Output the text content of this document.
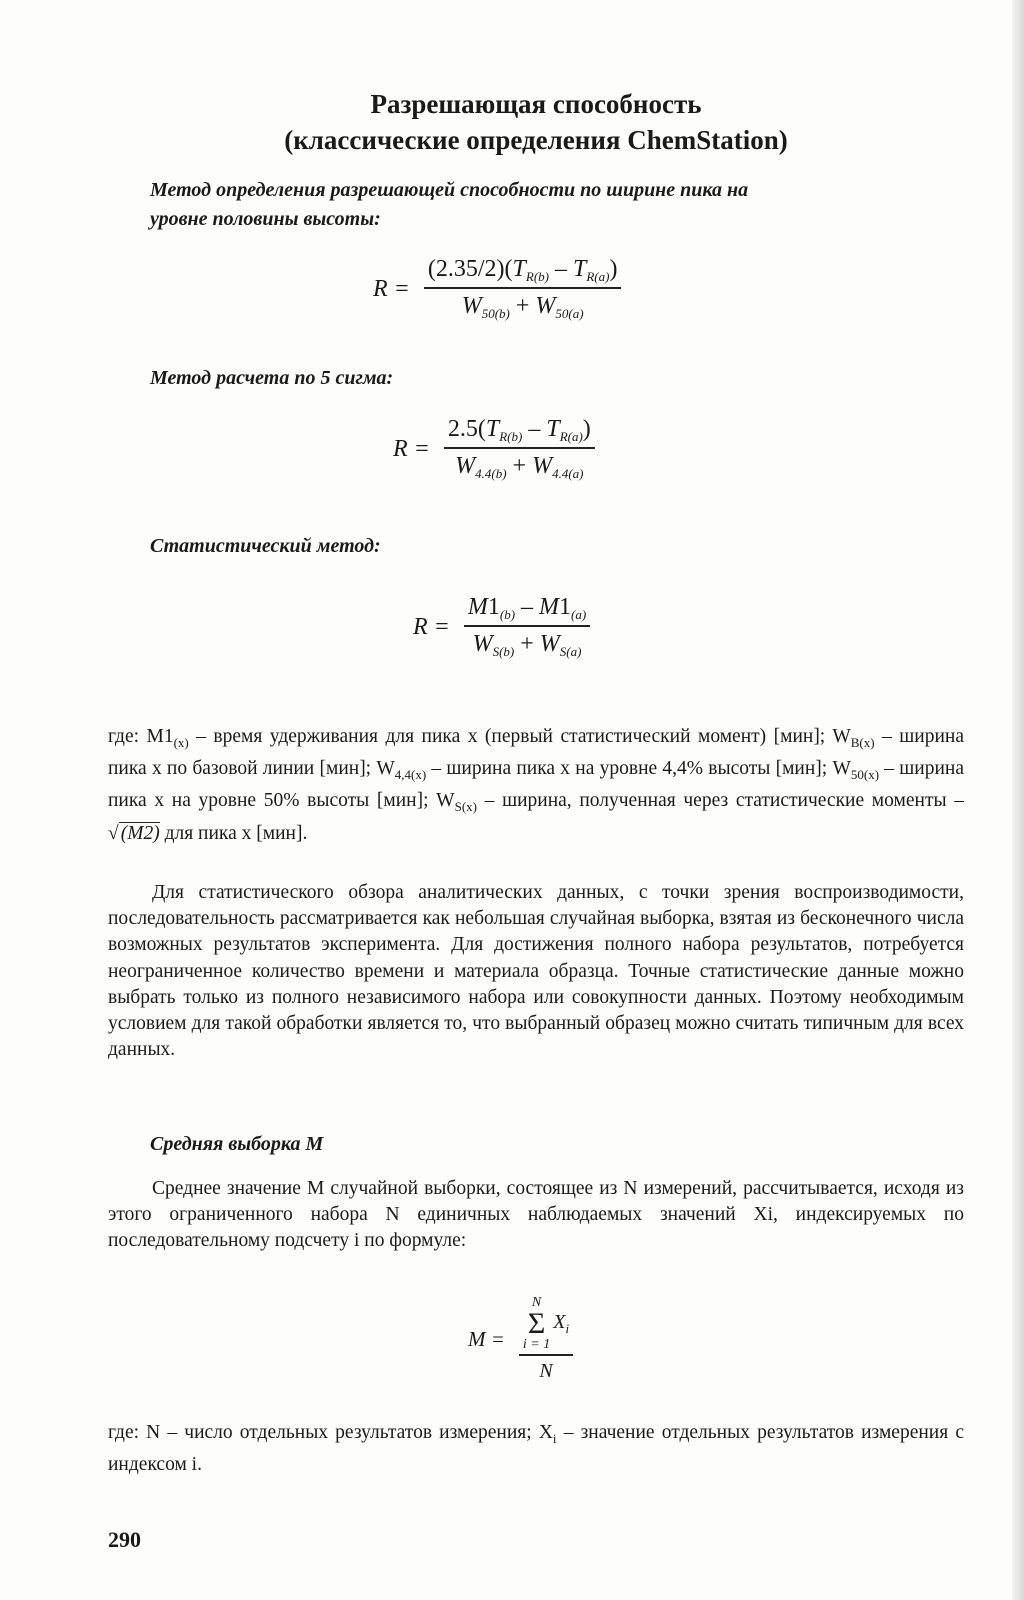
Разрешающая способность
(классические определения ChemStation)
Метод определения разрешающей способности по ширине пика на
уровне половины высоты:
$R = \frac{(2.35/2)(T_{R(b)} - T_{R(a)})}{W_{50(b)} + W_{50(a)}}$
Метод расчета по 5 сигма:
$R = \frac{2.5(T_{R(b)} - T_{R(a)})}{W_{4.4(b)} + W_{4.4(a)}}$
Статистический метод:
$R = \frac{M1_{(b)} - M1_{(a)}}{W_{S(b)} + W_{S(a)}}$

где: $M1_{(x)}$ – время удерживания для пика x (первый статистический момент) [мин]; $W_{B(x)}$ – ширина пика x по базовой линии [мин]; $W_{4,4(x)}$ – ширина пика x на уровне 4,4% высоты [мин]; $W_{50(x)}$ – ширина пика x на уровне 50% высоты [мин]; $W_{S(x)}$ – ширина, полученная через статистические моменты – √ (M2) для пика x [мин].

Для статистического обзора аналитических данных, с точки зрения воспроизводимости, последовательность рассматривается как небольшая случайная выборка, взятая из бесконечного числа возможных результатов эксперимента. Для достижения полного набора результатов, потребуется неограниченное количество времени и материала образца. Точные статистические данные можно выбрать только из полного независимого набора или совокупности данных. Поэтому необходимым условием для такой обработки является то, что выбранный образец можно считать типичным для всех данных.

Средняя выборка M

Среднее значение M случайной выборки, состоящее из N измерений, рассчитывается, исходя из этого ограниченного набора N единичных наблюдаемых значений Xi, индексируемых по последовательному подсчету i по формуле:

M = N
Σ
i = 1
$X_i$
N

где: N – число отдельных результатов измерения; $X_i$ – значение отдельных результатов измерения с индексом i.

290
